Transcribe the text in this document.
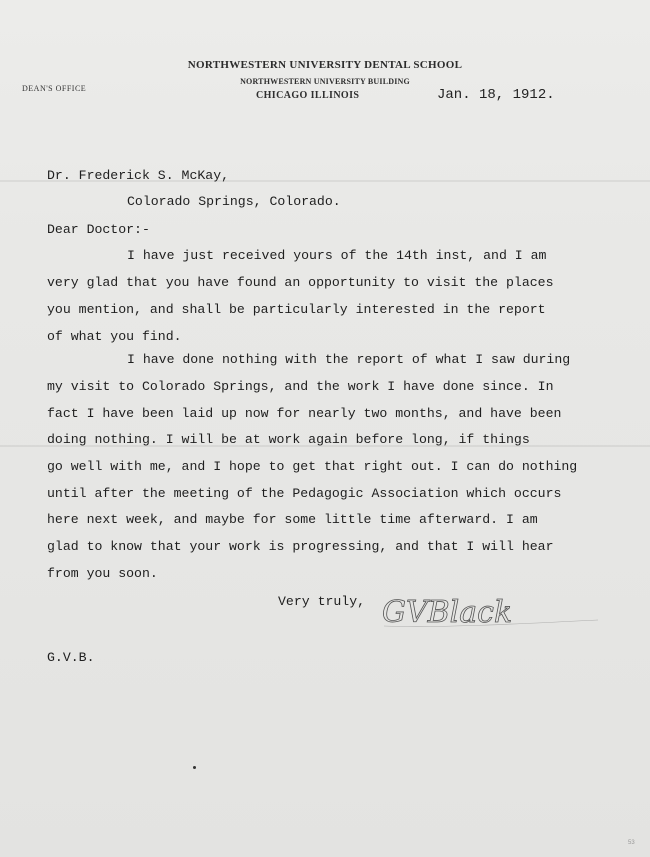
NORTHWESTERN UNIVERSITY DENTAL SCHOOL
NORTHWESTERN UNIVERSITY BUILDING
CHICAGO ILLINOIS
DEAN'S OFFICE	Jan. 18, 1912.
Dr. Frederick S. McKay,
Colorado Springs, Colorado.
Dear Doctor:-
I have just received yours of the 14th inst, and I am
very glad that you have found an opportunity to visit the places
you mention, and shall be particularly interested in the report
of what you find.
I have done nothing with the report of what I saw during
my visit to Colorado Springs, and the work I have done since. In
fact I have been laid up now for nearly two months, and have been
doing nothing. I will be at work again before long, if things
go well with me, and I hope to get that right out. I can do nothing
until after the meeting of the Pedagogic Association which occurs
here next week, and maybe for some little time afterward. I am
glad to know that your work is progressing, and that I will hear
from you soon.
Very truly, GVBlack
G.V.B.
53
